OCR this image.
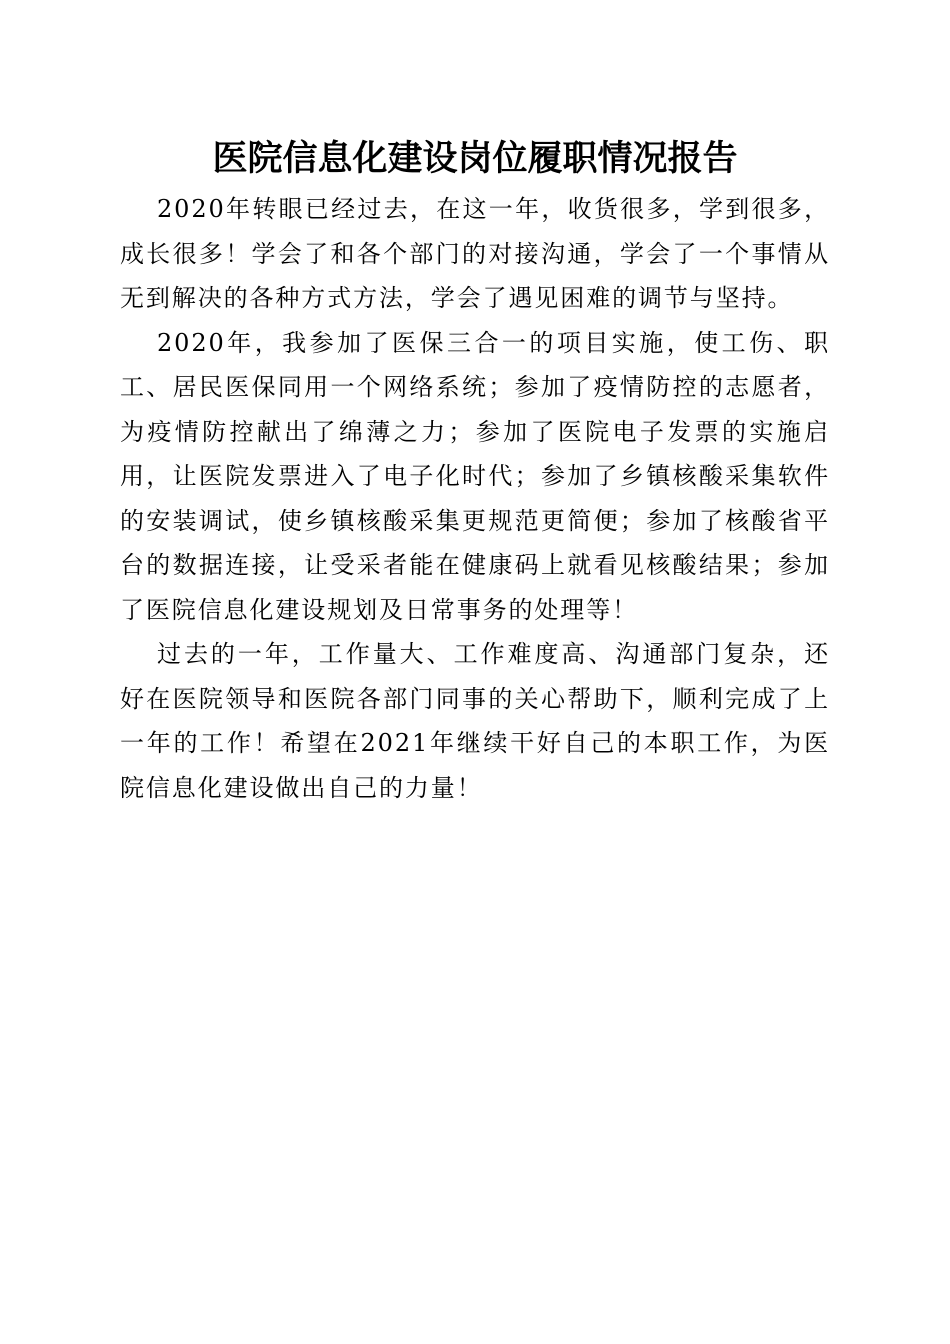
医院信息化建设岗位履职情况报告

2020年转眼已经过去，在这一年，收货很多，学到很多，成长很多！学会了和各个部门的对接沟通，学会了一个事情从无到解决的各种方式方法，学会了遇见困难的调节与坚持。

2020年，我参加了医保三合一的项目实施，使工伤、职工、居民医保同用一个网络系统；参加了疫情防控的志愿者，为疫情防控献出了绵薄之力；参加了医院电子发票的实施启用，让医院发票进入了电子化时代；参加了乡镇核酸采集软件的安装调试，使乡镇核酸采集更规范更简便；参加了核酸省平台的数据连接，让受采者能在健康码上就看见核酸结果；参加了医院信息化建设规划及日常事务的处理等！

过去的一年，工作量大、工作难度高、沟通部门复杂，还好在医院领导和医院各部门同事的关心帮助下，顺利完成了上一年的工作！希望在2021年继续干好自己的本职工作，为医院信息化建设做出自己的力量！
